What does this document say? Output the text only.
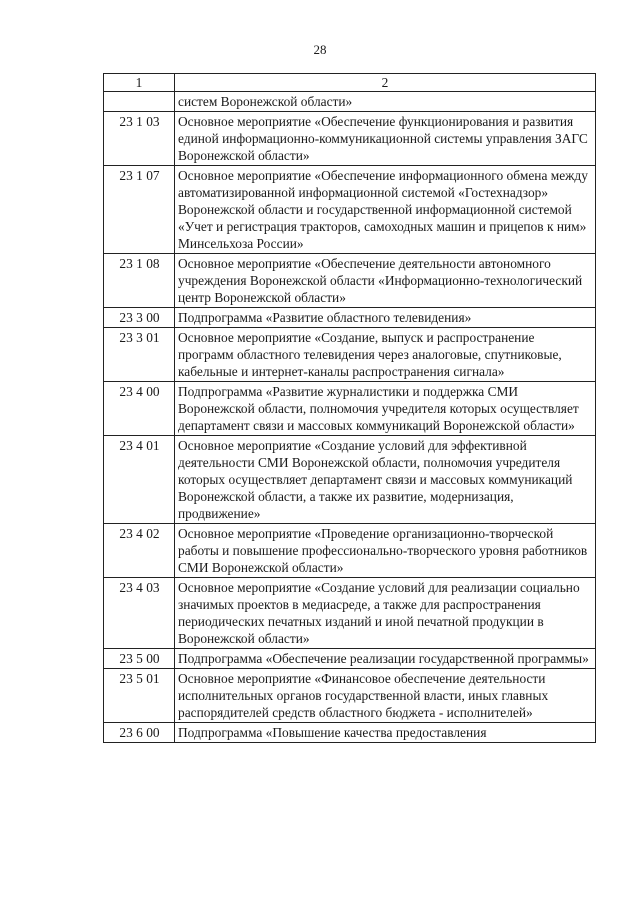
28
1	2
	систем Воронежской области»
23 1 03	Основное мероприятие «Обеспечение функционирования и развития единой информационно-коммуникационной системы управления ЗАГС Воронежской области»
23 1 07	Основное мероприятие «Обеспечение информационного обмена между автоматизированной информационной системой «Гостехнадзор» Воронежской области и государственной информационной системой «Учет и регистрация тракторов, самоходных машин и прицепов к ним» Минсельхоза России»
23 1 08	Основное мероприятие «Обеспечение деятельности автономного учреждения Воронежской области «Информационно-технологический центр Воронежской области»
23 3 00	Подпрограмма «Развитие областного телевидения»
23 3 01	Основное мероприятие «Создание, выпуск и распространение программ областного телевидения через аналоговые, спутниковые, кабельные и интернет-каналы распространения сигнала»
23 4 00	Подпрограмма «Развитие журналистики и поддержка СМИ Воронежской области, полномочия учредителя которых осуществляет департамент связи и массовых коммуникаций Воронежской области»
23 4 01	Основное мероприятие «Создание условий для эффективной деятельности СМИ Воронежской области, полномочия учредителя которых осуществляет департамент связи и массовых коммуникаций Воронежской области, а также их развитие, модернизация, продвижение»
23 4 02	Основное мероприятие «Проведение организационно-творческой работы и повышение профессионально-творческого уровня работников СМИ Воронежской области»
23 4 03	Основное мероприятие «Создание условий для реализации социально значимых проектов в медиасреде, а также для распространения периодических печатных изданий и иной печатной продукции в Воронежской области»
23 5 00	Подпрограмма «Обеспечение реализации государственной программы»
23 5 01	Основное мероприятие «Финансовое обеспечение деятельности исполнительных органов государственной власти, иных главных распорядителей средств областного бюджета - исполнителей»
23 6 00	Подпрограмма «Повышение качества предоставления
